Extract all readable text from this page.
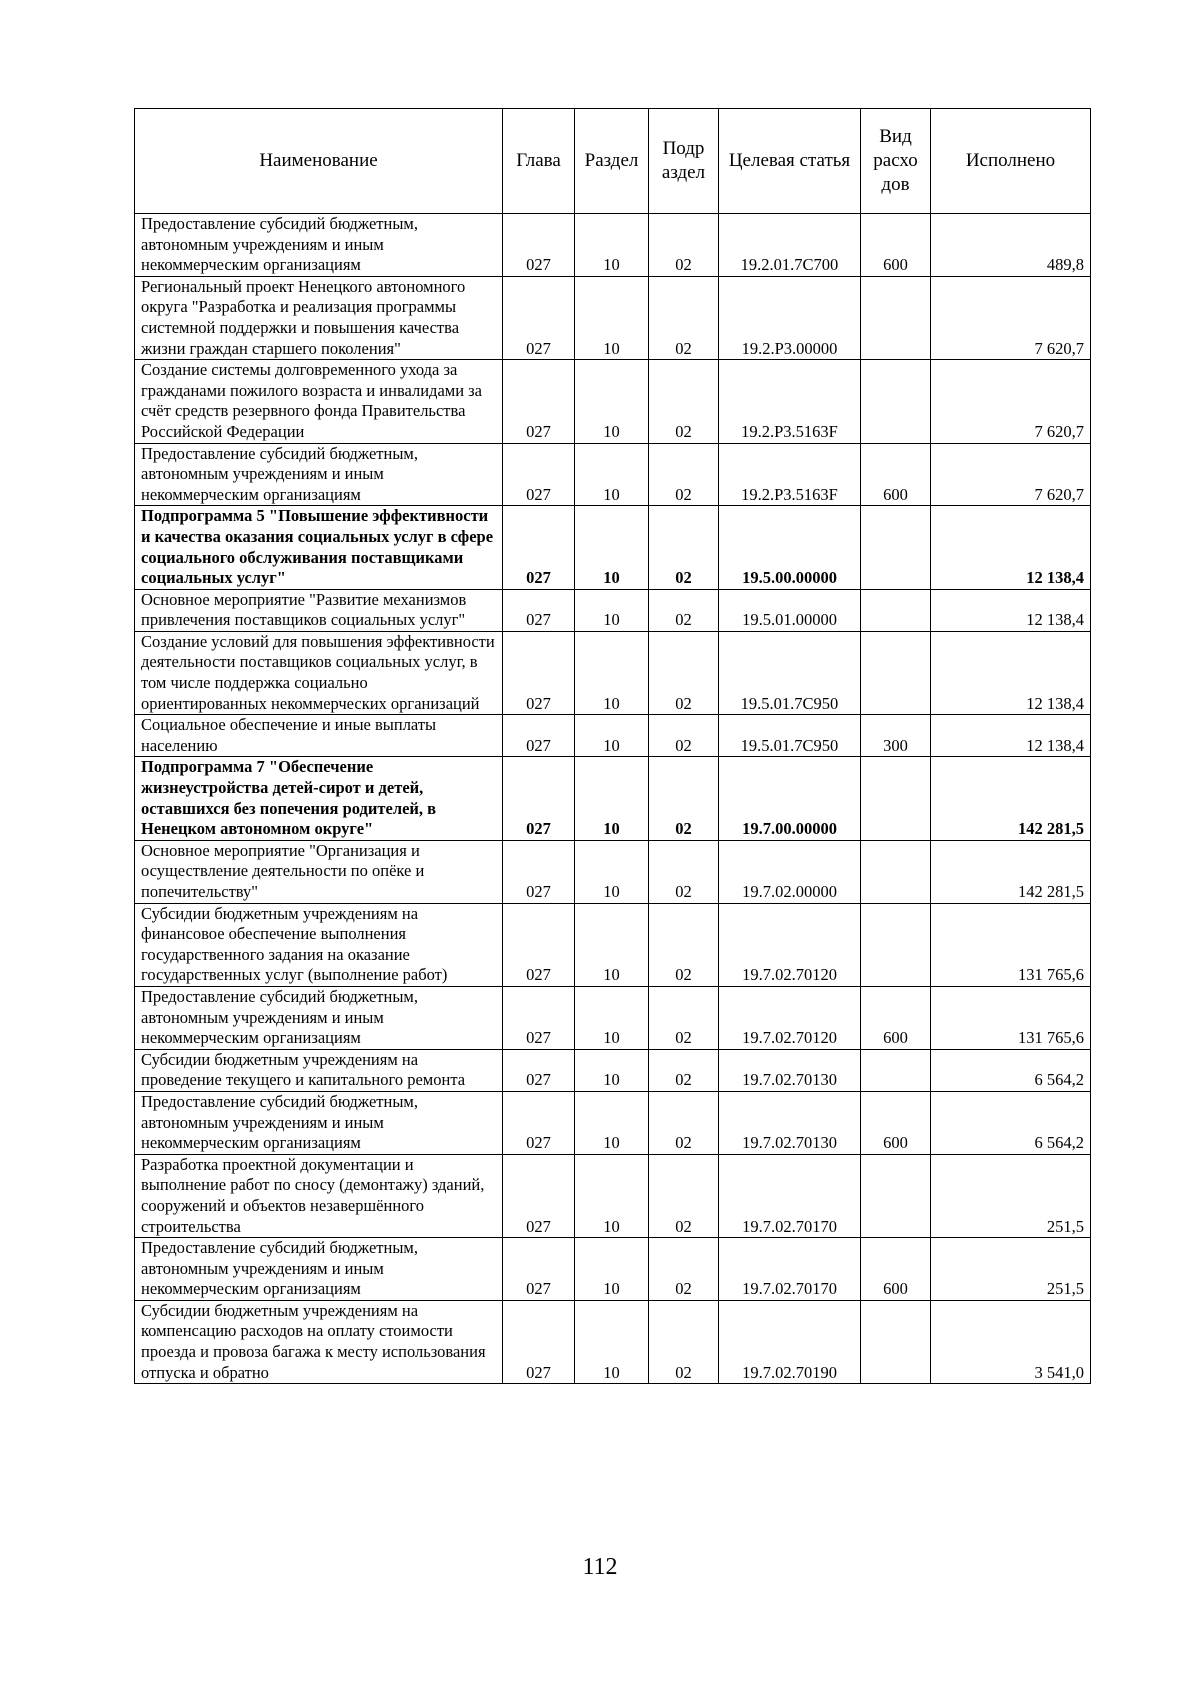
Наименование	Глава	Раздел	Подр аздел	Целевая статья	Вид расхо дов	Исполнено
Предоставление субсидий бюджетным, автономным учреждениям и иным некоммерческим организациям	027	10	02	19.2.01.7С700	600	489,8
Региональный проект Ненецкого автономного округа "Разработка и реализация программы системной поддержки и повышения качества жизни граждан старшего поколения"	027	10	02	19.2.Р3.00000		7 620,7
Создание системы долговременного ухода за гражданами пожилого возраста и инвалидами за счёт средств резервного фонда Правительства Российской Федерации	027	10	02	19.2.Р3.5163F		7 620,7
Предоставление субсидий бюджетным, автономным учреждениям и иным некоммерческим организациям	027	10	02	19.2.Р3.5163F	600	7 620,7
Подпрограмма 5 "Повышение эффективности и качества оказания социальных услуг в сфере социального обслуживания поставщиками социальных услуг"	027	10	02	19.5.00.00000		12 138,4
Основное мероприятие "Развитие механизмов привлечения поставщиков социальных услуг"	027	10	02	19.5.01.00000		12 138,4
Создание условий для повышения эффективности деятельности поставщиков социальных услуг, в том числе поддержка социально ориентированных некоммерческих организаций	027	10	02	19.5.01.7С950		12 138,4
Социальное обеспечение и иные выплаты населению	027	10	02	19.5.01.7С950	300	12 138,4
Подпрограмма 7 "Обеспечение жизнеустройства детей-сирот и детей, оставшихся без попечения родителей, в Ненецком автономном округе"	027	10	02	19.7.00.00000		142 281,5
Основное мероприятие "Организация и осуществление деятельности по опёке и попечительству"	027	10	02	19.7.02.00000		142 281,5
Субсидии бюджетным учреждениям на финансовое обеспечение выполнения государственного задания на оказание государственных услуг (выполнение работ)	027	10	02	19.7.02.70120		131 765,6
Предоставление субсидий бюджетным, автономным учреждениям и иным некоммерческим организациям	027	10	02	19.7.02.70120	600	131 765,6
Субсидии бюджетным учреждениям на проведение текущего и капитального ремонта	027	10	02	19.7.02.70130		6 564,2
Предоставление субсидий бюджетным, автономным учреждениям и иным некоммерческим организациям	027	10	02	19.7.02.70130	600	6 564,2
Разработка проектной документации и выполнение работ по сносу (демонтажу) зданий, сооружений и объектов незавершённого строительства	027	10	02	19.7.02.70170		251,5
Предоставление субсидий бюджетным, автономным учреждениям и иным некоммерческим организациям	027	10	02	19.7.02.70170	600	251,5
Субсидии бюджетным учреждениям на компенсацию расходов на оплату стоимости проезда и провоза багажа к месту использования отпуска и обратно	027	10	02	19.7.02.70190		3 541,0
112
